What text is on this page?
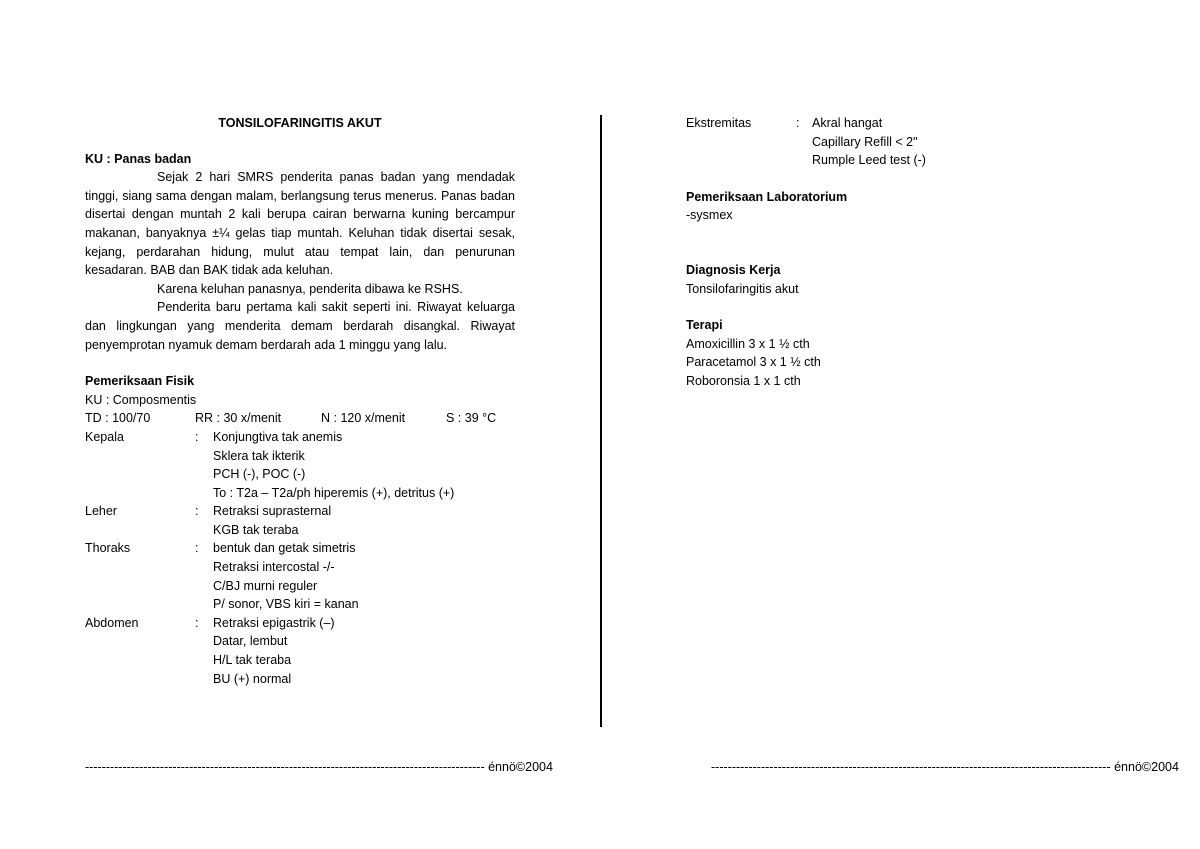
TONSILOFARINGITIS AKUT
KU : Panas badan

Sejak 2 hari SMRS penderita panas badan yang mendadak tinggi, siang sama dengan malam, berlangsung terus menerus. Panas badan disertai dengan muntah 2 kali berupa cairan berwarna kuning bercampur makanan, banyaknya ±¼ gelas tiap muntah. Keluhan tidak disertai sesak, kejang, perdarahan hidung, mulut atau tempat lain, dan penurunan kesadaran. BAB dan BAK tidak ada keluhan.

Karena keluhan panasnya, penderita dibawa ke RSHS.

Penderita baru pertama kali sakit seperti ini. Riwayat keluarga dan lingkungan yang menderita demam berdarah disangkal. Riwayat penyemprotan nyamuk demam berdarah ada 1 minggu yang lalu.

Pemeriksaan Fisik
KU : Composmentis
TD : 100/70	RR : 30 x/menit	N : 120 x/menit	S : 39 °C
Kepala	:	Konjungtiva tak anemis
Sklera tak ikterik
PCH (-), POC (-)
To : T2a – T2a/ph hiperemis (+), detritus (+)
Leher	:	Retraksi suprasternal
KGB tak teraba
Thoraks	:	bentuk dan getak simetris
Retraksi intercostal -/-
C/BJ murni reguler
P/ sonor, VBS kiri = kanan
Abdomen	:	Retraksi epigastrik (–)
Datar, lembut
H/L tak teraba
BU (+) normal
Ekstremitas	:	Akral hangat
Capillary Refill < 2"
Rumple Leed test (-)
Pemeriksaan Laboratorium
-sysmex
Diagnosis Kerja
Tonsilofaringitis akut
Terapi
Amoxicillin 3 x 1 ½ cth
Paracetamol 3 x 1 ½ cth
Roboronsia 1 x 1 cth
------------------------------------------------------------------------------------------------ énnö©2004	------------------------------------------------------------------------------------------------ énnö©2004
